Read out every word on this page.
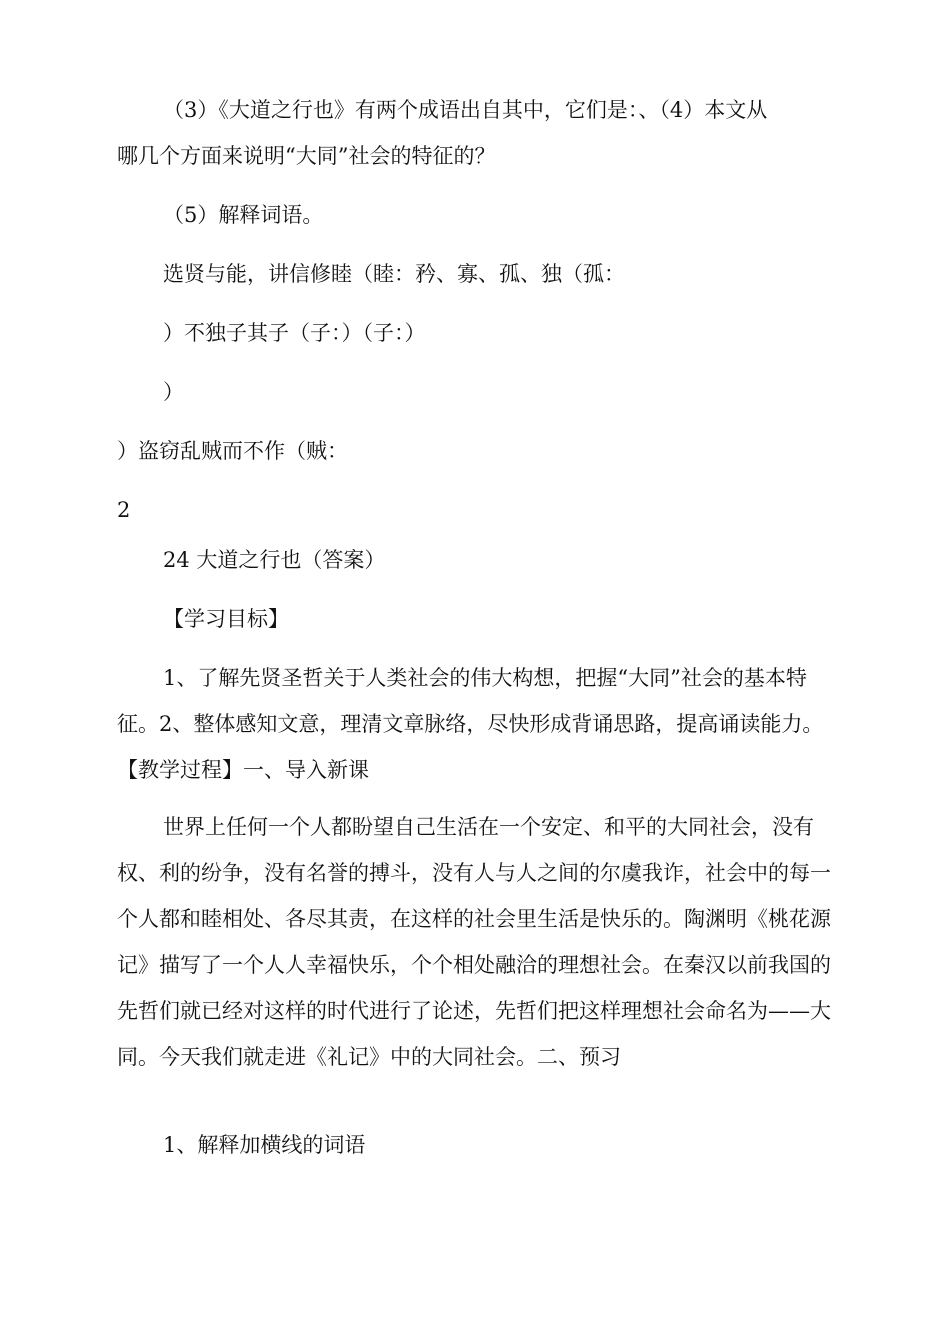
（3）《大道之行也》有两个成语出自其中，它们是：、（4）本文从

哪几个方面来说明“大同”社会的特征的？

（5）解释词语。

选贤与能，讲信修睦（睦：矜、寡、孤、独（孤：

）不独子其子（子：）（子：）

）

）盗窃乱贼而不作（贼：

2

24 大道之行也（答案）

【学习目标】

1、了解先贤圣哲关于人类社会的伟大构想，把握“大同”社会的基本特征。2、整体感知文意，理清文章脉络，尽快形成背诵思路，提高诵读能力。【教学过程】一、导入新课

世界上任何一个人都盼望自己生活在一个安定、和平的大同社会，没有权、利的纷争，没有名誉的搏斗，没有人与人之间的尔虞我诈，社会中的每一个人都和睦相处、各尽其责，在这样的社会里生活是快乐的。陶渊明《桃花源记》描写了一个人人幸福快乐，个个相处融洽的理想社会。在秦汉以前我国的先哲们就已经对这样的时代进行了论述，先哲们把这样理想社会命名为——大同。今天我们就走进《礼记》中的大同社会。二、预习

1、解释加横线的词语
